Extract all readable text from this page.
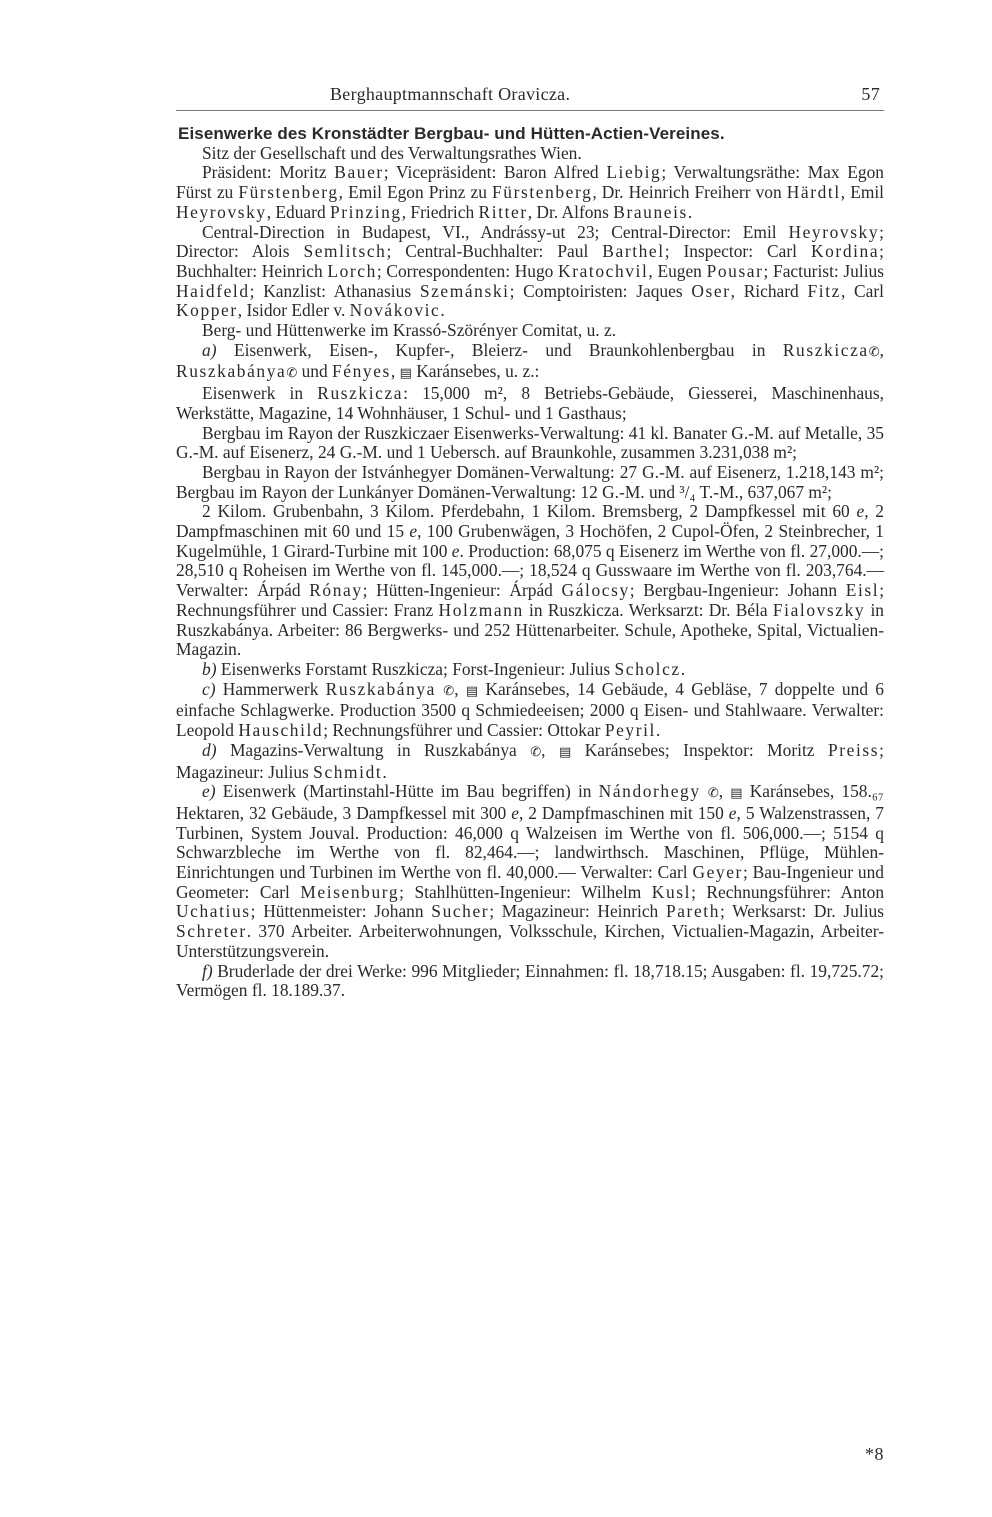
Berghauptmannschaft Oravicza.	57
Eisenwerke des Kronstädter Bergbau- und Hütten-Actien-Vereines.

Sitz der Gesellschaft und des Verwaltungsrathes Wien.

Präsident: Moritz Bauer; Vicepräsident: Baron Alfred Liebig; Verwaltungsräthe: Max Egon Fürst zu Fürstenberg, Emil Egon Prinz zu Fürstenberg, Dr. Heinrich Freiherr von Härdtl, Emil Heyrovsky, Eduard Prinzing, Friedrich Ritter, Dr. Alfons Brauneis.

Central-Direction in Budapest, VI., Andrássy-ut 23; Central-Director: Emil Heyrovsky; Director: Alois Semlitsch; Central-Buchhalter: Paul Barthel; Inspector: Carl Kordina; Buchhalter: Heinrich Lorch; Correspondenten: Hugo Kratochvil, Eugen Pousar; Facturist: Julius Haidfeld; Kanzlist: Athanasius Szemánski; Comptoiristen: Jaques Oser, Richard Fitz, Carl Kopper, Isidor Edler v. Novákovic.

Berg- und Hüttenwerke im Krassó-Szörényer Comitat, u. z.

a) Eisenwerk, Eisen-, Kupfer-, Bleierz- und Braunkohlenbergbau in Ruszkicza✆, Ruszkabánya✆ und Fényes, ▤ Karánsebes, u. z.:

Eisenwerk in Ruszkicza: 15,000 m², 8 Betriebs-Gebäude, Giesserei, Maschinenhaus, Werkstätte, Magazine, 14 Wohnhäuser, 1 Schul- und 1 Gasthaus;

Bergbau im Rayon der Ruszkiczaer Eisenwerks-Verwaltung: 41 kl. Banater G.-M. auf Metalle, 35 G.-M. auf Eisenerz, 24 G.-M. und 1 Uebersch. auf Braunkohle, zusammen 3.231,038 m²;

Bergbau in Rayon der Istvánhegyer Domänen-Verwaltung: 27 G.-M. auf Eisenerz, 1.218,143 m²; Bergbau im Rayon der Lunkányer Domänen-Verwaltung: 12 G.-M. und ³/₄ T.-M., 637,067 m²;

2 Kilom. Grubenbahn, 3 Kilom. Pferdebahn, 1 Kilom. Bremsberg, 2 Dampfkessel mit 60 e, 2 Dampfmaschinen mit 60 und 15 e, 100 Grubenwägen, 3 Hochöfen, 2 Cupol-Öfen, 2 Steinbrecher, 1 Kugelmühle, 1 Girard-Turbine mit 100 e. Production: 68,075 q Eisenerz im Werthe von fl. 27,000.—; 28,510 q Roheisen im Werthe von fl. 145,000.—; 18,524 q Gusswaare im Werthe von fl. 203,764.— Verwalter: Árpád Rónay; Hütten-Ingenieur: Árpád Gálocsy; Bergbau-Ingenieur: Johann Eisl; Rechnungsführer und Cassier: Franz Holzmann in Ruszkicza. Werksarzt: Dr. Béla Fialovszky in Ruszkabánya. Arbeiter: 86 Bergwerks- und 252 Hüttenarbeiter. Schule, Apotheke, Spital, Victualien-Magazin.

b) Eisenwerks Forstamt Ruszkicza; Forst-Ingenieur: Julius Scholcz.

c) Hammerwerk Ruszkabánya ✆, ▤ Karánsebes, 14 Gebäude, 4 Gebläse, 7 doppelte und 6 einfache Schlagwerke. Production 3500 q Schmiedeeisen; 2000 q Eisen- und Stahlwaare. Verwalter: Leopold Hauschild; Rechnungsführer und Cassier: Ottokar Peyril.

d) Magazins-Verwaltung in Ruszkabánya ✆, ▤ Karánsebes; Inspektor: Moritz Preiss; Magazineur: Julius Schmidt.

e) Eisenwerk (Martinstahl-Hütte im Bau begriffen) in Nándorhegy ✆, ▤ Karánsebes, 158.₆₇ Hektaren, 32 Gebäude, 3 Dampfkessel mit 300 e, 2 Dampfmaschinen mit 150 e, 5 Walzenstrassen, 7 Turbinen, System Jouval. Production: 46,000 q Walzeisen im Werthe von fl. 506,000.—; 5154 q Schwarzbleche im Werthe von fl. 82,464.—; landwirthsch. Maschinen, Pflüge, Mühlen-Einrichtungen und Turbinen im Werthe von fl. 40,000.— Verwalter: Carl Geyer; Bau-Ingenieur und Geometer: Carl Meisenburg; Stahlhütten-Ingenieur: Wilhelm Kusl; Rechnungsführer: Anton Uchatius; Hüttenmeister: Johann Sucher; Magazineur: Heinrich Pareth; Werksarst: Dr. Julius Schreter. 370 Arbeiter. Arbeiterwohnungen, Volksschule, Kirchen, Victualien-Magazin, Arbeiter-Unterstützungsverein.

f) Bruderlade der drei Werke: 996 Mitglieder; Einnahmen: fl. 18,718.15; Ausgaben: fl. 19,725.72; Vermögen fl. 18.189.37.

*8
